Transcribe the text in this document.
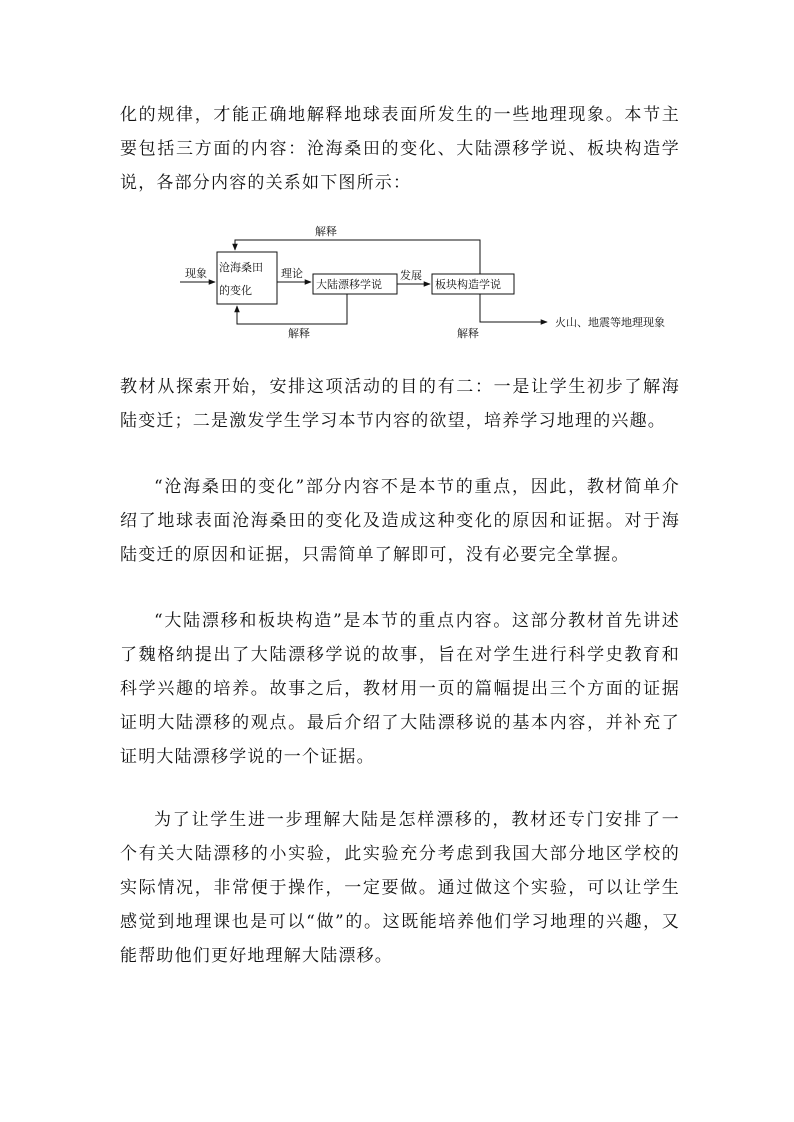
化的规律，才能正确地解释地球表面所发生的一些地理现象。本节主要包括三方面的内容：沧海桑田的变化、大陆漂移学说、板块构造学说，各部分内容的关系如下图所示：

现象 沧海桑田
的变化
理论
大陆漂移学说
发展
板块构造学说
解释
解释	解释
火山、地震等地理现象

教材从探索开始，安排这项活动的目的有二：一是让学生初步了解海陆变迁；二是激发学生学习本节内容的欲望，培养学习地理的兴趣。

“沧海桑田的变化”部分内容不是本节的重点，因此，教材简单介绍了地球表面沧海桑田的变化及造成这种变化的原因和证据。对于海陆变迁的原因和证据，只需简单了解即可，没有必要完全掌握。

“大陆漂移和板块构造”是本节的重点内容。这部分教材首先讲述了魏格纳提出了大陆漂移学说的故事，旨在对学生进行科学史教育和科学兴趣的培养。故事之后，教材用一页的篇幅提出三个方面的证据证明大陆漂移的观点。最后介绍了大陆漂移说的基本内容，并补充了证明大陆漂移学说的一个证据。

为了让学生进一步理解大陆是怎样漂移的，教材还专门安排了一个有关大陆漂移的小实验，此实验充分考虑到我国大部分地区学校的实际情况，非常便于操作，一定要做。通过做这个实验，可以让学生感觉到地理课也是可以“做”的。这既能培养他们学习地理的兴趣，又能帮助他们更好地理解大陆漂移。
